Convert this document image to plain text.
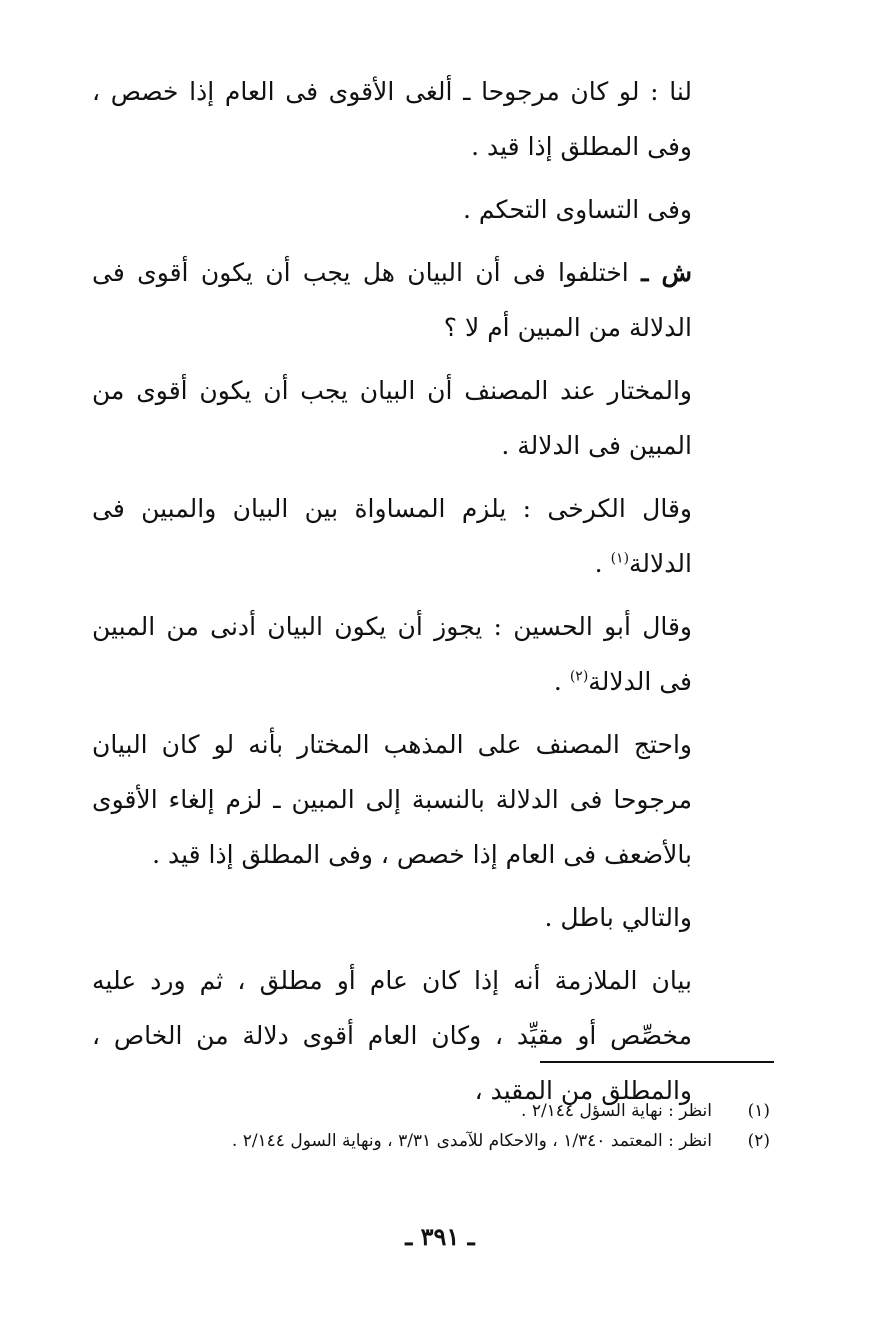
لنا : لو كان مرجوحا ـ ألغى الأقوى فى العام إذا خصص ، وفى المطلق إذا قيد .

وفى التساوى التحكم .

ش ـ اختلفوا فى أن البيان هل يجب أن يكون أقوى فى الدلالة من المبين أم لا ؟

والمختار عند المصنف أن البيان يجب أن يكون أقوى من المبين فى الدلالة .

وقال الكرخى : يلزم المساواة بين البيان والمبين فى الدلالة$^{(١)}$ .

وقال أبو الحسين : يجوز أن يكون البيان أدنى من المبين فى الدلالة$^{(٢)}$ .

واحتج المصنف على المذهب المختار بأنه لو كان البيان مرجوحا فى الدلالة بالنسبة إلى المبين ـ لزم إلغاء الأقوى بالأضعف فى العام إذا خصص ، وفى المطلق إذا قيد .

والتالي باطل .

بيان الملازمة أنه إذا كان عام أو مطلق ، ثم ورد عليه مخصِّص أو مقيِّد ، وكان العام أقوى دلالة من الخاص ، والمطلق من المقيد ،

(١)انظر : نهاية السؤل ٢/١٤٤ .
(٢)انظر : المعتمد ١/٣٤٠ ، والاحكام للآمدى ٣/٣١ ، ونهاية السول ٢/١٤٤ .
ـ ٣٩١ ـ
